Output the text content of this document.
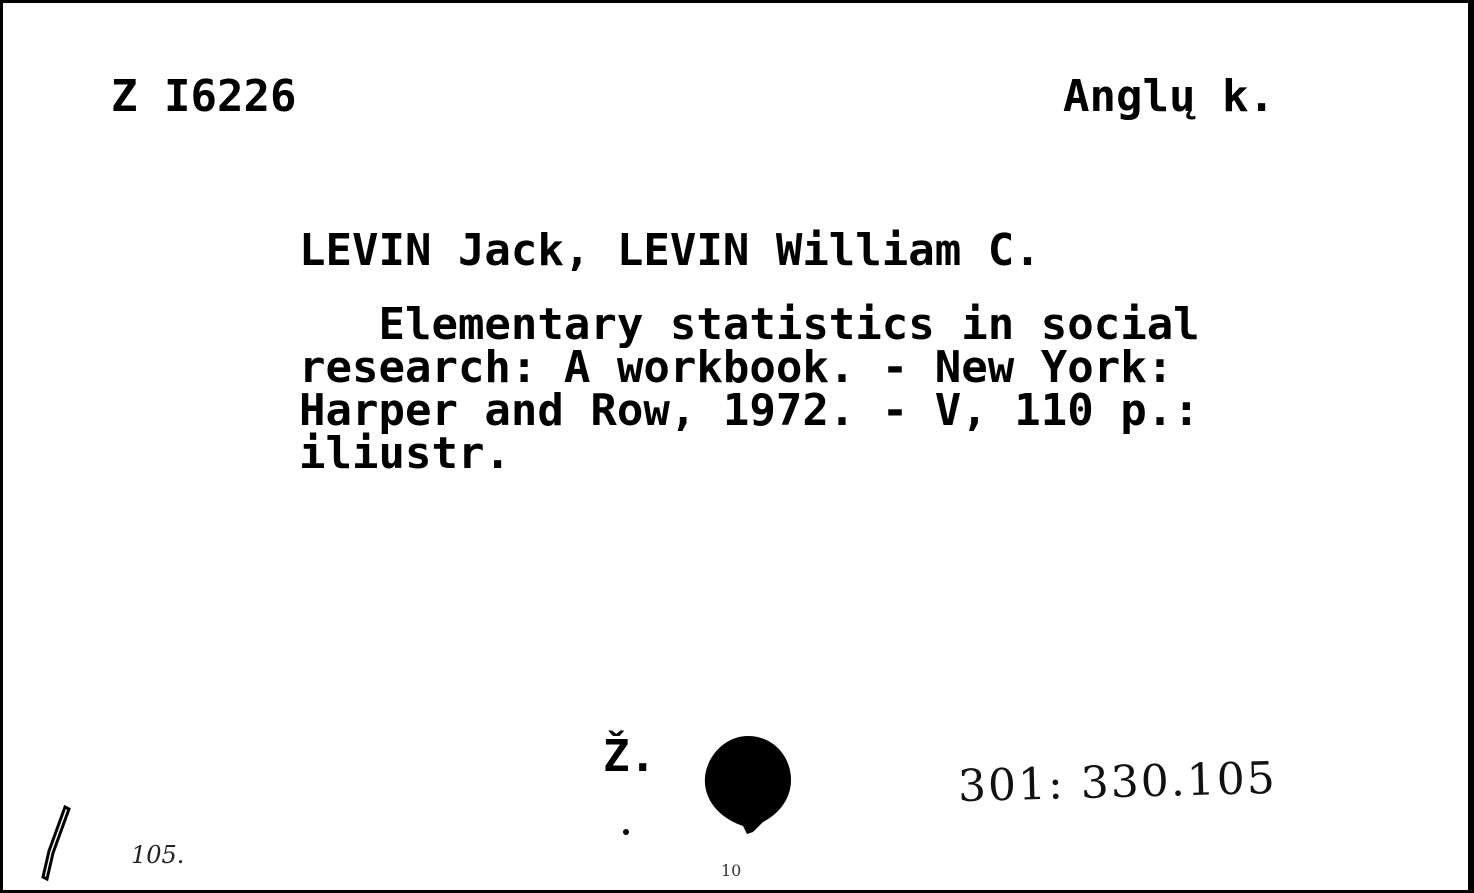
Z I6226	Anglų k.
LEVIN Jack, LEVIN William C.
Elementary statistics in social
research: A workbook. - New York:
Harper and Row, 1972. - V, 110 p.:
iliustr.
Ž.	301: 330.105
105.
10
